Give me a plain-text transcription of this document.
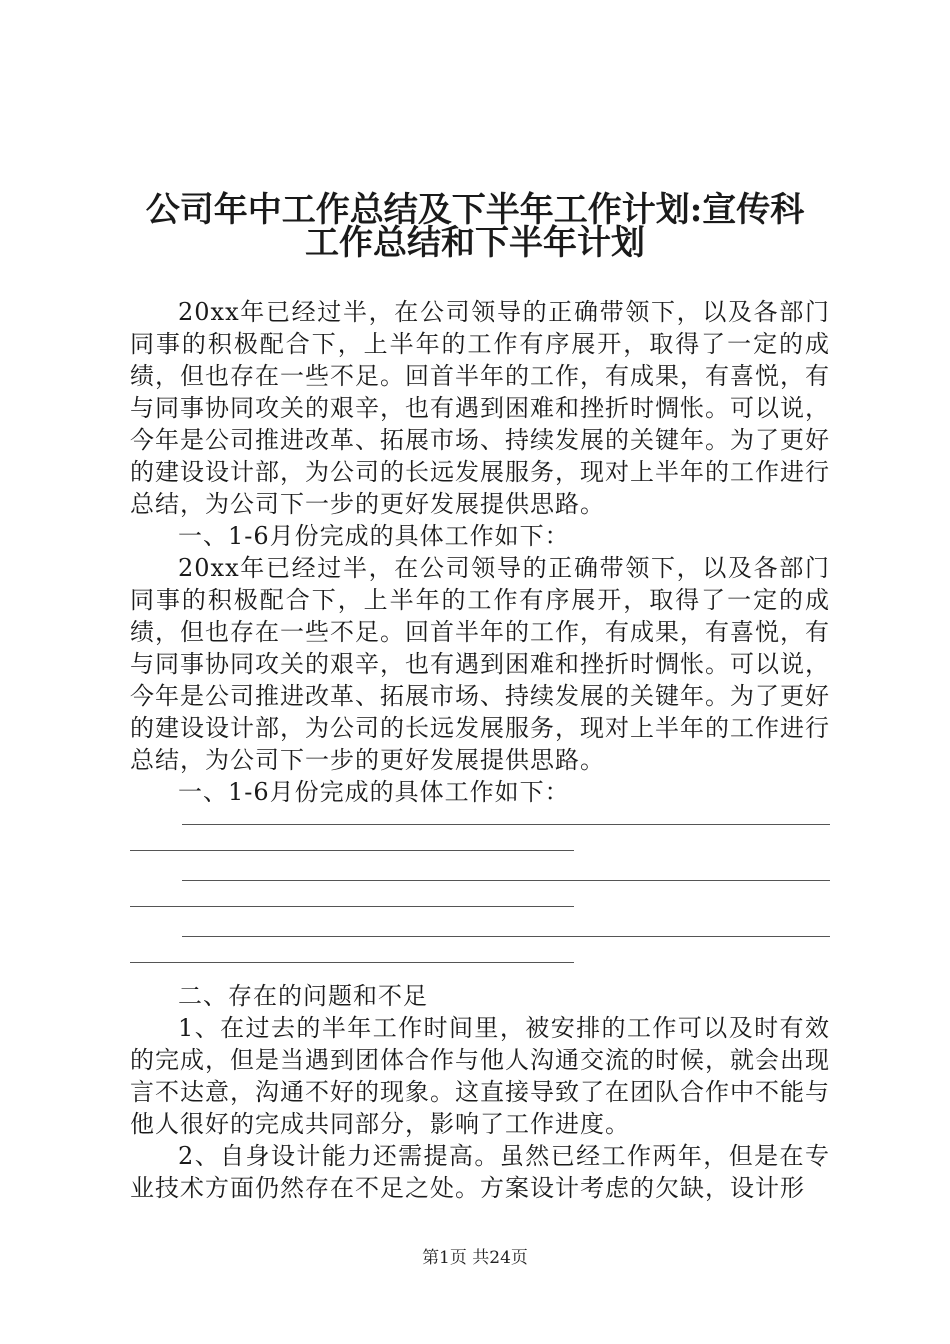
公司年中工作总结及下半年工作计划:宣传科
工作总结和下半年计划

20xx年已经过半，在公司领导的正确带领下，以及各部门同事的积极配合下，上半年的工作有序展开，取得了一定的成绩，但也存在一些不足。回首半年的工作，有成果，有喜悦，有与同事协同攻关的艰辛，也有遇到困难和挫折时惆怅。可以说，今年是公司推进改革、拓展市场、持续发展的关键年。为了更好的建设设计部，为公司的长远发展服务，现对上半年的工作进行总结，为公司下一步的更好发展提供思路。

一、1-6月份完成的具体工作如下：

20xx年已经过半，在公司领导的正确带领下，以及各部门同事的积极配合下，上半年的工作有序展开，取得了一定的成绩，但也存在一些不足。回首半年的工作，有成果，有喜悦，有与同事协同攻关的艰辛，也有遇到困难和挫折时惆怅。可以说，今年是公司推进改革、拓展市场、持续发展的关键年。为了更好的建设设计部，为公司的长远发展服务，现对上半年的工作进行总结，为公司下一步的更好发展提供思路。

一、1-6月份完成的具体工作如下：

二、存在的问题和不足

1、在过去的半年工作时间里，被安排的工作可以及时有效的完成，但是当遇到团体合作与他人沟通交流的时候，就会出现言不达意，沟通不好的现象。这直接导致了在团队合作中不能与他人很好的完成共同部分，影响了工作进度。

2、自身设计能力还需提高。虽然已经工作两年，但是在专业技术方面仍然存在不足之处。方案设计考虑的欠缺，设计形

第1页 共24页
